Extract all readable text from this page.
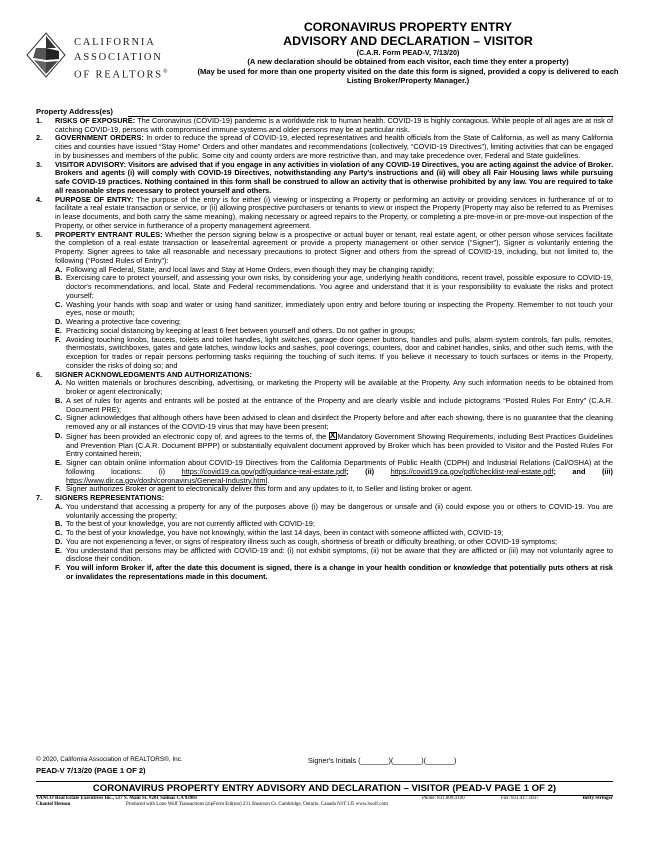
CALIFORNIA
ASSOCIATION
OF REALTORS®
CORONAVIRUS PROPERTY ENTRY
ADVISORY AND DECLARATION – VISITOR
(C.A.R. Form PEAD-V, 7/13/20)
(A new declaration should be obtained from each visitor, each time they enter a property)
(May be used for more than one property visited on the date this form is signed, provided a copy is delivered to each Listing Broker/Property Manager.)
Property Address(es)
1. RISKS OF EXPOSURE: The Coronavirus (COVID-19) pandemic is a worldwide risk to human health. COVID-19 is highly contagious. While people of all ages are at risk of catching COVID-19, persons with compromised immune systems and older persons may be at particular risk.
2. GOVERNMENT ORDERS: In order to reduce the spread of COVID-19, elected representatives and health officials from the State of California, as well as many California cities and counties have issued “Stay Home” Orders and other mandates and recommendations (collectively, “COVID-19 Directives”), limiting activities that can be engaged in by businesses and members of the public. Some city and county orders are more restrictive than, and may take precedence over, Federal and State guidelines.
3. VISITOR ADVISORY: Visitors are advised that if you engage in any activities in violation of any COVID-19 Directives, you are acting against the advice of Broker. Brokers and agents (i) will comply with COVID-19 Directives, notwithstanding any Party's instructions and (ii) will obey all Fair Housing laws while pursuing safe COVID-19 practices. Nothing contained in this form shall be construed to allow an activity that is otherwise prohibited by any law. You are required to take all reasonable steps necessary to protect yourself and others.
4. PURPOSE OF ENTRY: The purpose of the entry is for either (i) viewing or inspecting a Property or performing an activity or providing services in furtherance of or to facilitate a real estate transaction or service, or (ii) allowing prospective purchasers or tenants to view or inspect the Property (Property may also be referred to as Premises in lease documents, and both carry the same meaning), making necessary or agreed repairs to the Property, or completing a pre-move-in or pre-move-out inspection of the Property, or other service in furtherance of a property management agreement.
5. PROPERTY ENTRANT RULES: Whether the person signing below is a prospective or actual buyer or tenant, real estate agent, or other person whose services facilitate the completion of a real estate transaction or lease/rental agreement or provide a property management or other service (“Signer”), Signer is voluntarily entering the Property. Signer agrees to take all reasonable and necessary precautions to protect Signer and others from the spread of COVID-19, including, but not limited to, the following (“Posted Rules of Entry”):
A. Following all Federal, State, and local laws and Stay at Home Orders, even though they may be changing rapidly;
B. Exercising care to protect yourself, and assessing your own risks, by considering your age, underlying health conditions, recent travel, possible exposure to COVID-19, doctor's recommendations, and local, State and Federal recommendations. You agree and understand that it is your responsibility to evaluate the risks and protect yourself;
C. Washing your hands with soap and water or using hand sanitizer, immediately upon entry and before touring or inspecting the Property. Remember to not touch your eyes, nose or mouth;
D. Wearing a protective face covering;
E. Practicing social distancing by keeping at least 6 feet between yourself and others. Do not gather in groups;
F. Avoiding touching knobs, faucets, toilets and toilet handles, light switches, garage door opener buttons, handles and pulls, alarm system controls, fan pulls, remotes, thermostats, switchboxes, gates and gate latches, window locks and sashes, pool coverings, counters, door and cabinet handles, sinks, and other such items, with the exception for trades or repair persons performing tasks requiring the touching of such items. If you believe it necessary to touch surfaces or items in the Property, consider the risks of doing so; and
6. SIGNER ACKNOWLEDGMENTS AND AUTHORIZATIONS:
A. No written materials or brochures describing, advertising, or marketing the Property will be available at the Property. Any such information needs to be obtained from broker or agent electronically;
B. A set of rules for agents and entrants will be posted at the entrance of the Property and are clearly visible and include pictograms “Posted Rules For Entry” (C.A.R. Document PRE);
C. Signer acknowledges that although others have been advised to clean and disinfect the Property before and after each showing, there is no guarantee that the cleaning removed any or all instances of the COVID-19 virus that may have been present;
D. Signer has been provided an electronic copy of, and agrees to the terms of, the X Mandatory Government Showing Requirements, including Best Practices Guidelines and Prevention Plan (C.A.R. Document BPPP) or substantially equivalent document approved by Broker which has been provided to Visitor and the Posted Rules For Entry contained herein;
E. Signer can obtain online information about COVID-19 Directives from the California Departments of Public Health (CDPH) and Industrial Relations (Cal/OSHA) at the following locations: (i) https://covid19.ca.gov/pdf/guidance-real-estate.pdf; (ii) https://covid19.ca.gov/pdf/checklist-real-estate.pdf; and (iii) https://www.dir.ca.gov/dosh/coronavirus/General-Industry.html.
F. Signer authorizes Broker or agent to electronically deliver this form and any updates to it, to Seller and listing broker or agent.
7. SIGNERS REPRESENTATIONS:
A. You understand that accessing a property for any of the purposes above (i) may be dangerous or unsafe and (ii) could expose you or others to COVID-19. You are voluntarily accessing the property;
B. To the best of your knowledge, you are not currently afflicted with COVID-19;
C. To the best of your knowledge, you have not knowingly, within the last 14 days, been in contact with someone afflicted with, COVID-19;
D. You are not experiencing a fever, or signs of respiratory illness such as cough, shortness of breath or difficulty breathing, or other COVID-19 symptoms;
E. You understand that persons may be afflicted with COVID-19 and: (i) not exhibit symptoms, (ii) not be aware that they are afflicted or (iii) may not voluntarily agree to disclose their condition.
F. You will inform Broker if, after the date this document is signed, there is a change in your health condition or knowledge that potentially puts others at risk or invalidates the representations made in this document.
© 2020, California Association of REALTORS®, Inc.	Signer's Initials (_______)(_______)(_______)
PEAD-V 7/13/20 (PAGE 1 OF 2)
CORONAVIRUS PROPERTY ENTRY ADVISORY AND DECLARATION – VISITOR (PEAD-V PAGE 1 OF 2)
VANCO Real Estate Executives Inc., 517 S. Main St. #201 Salinas CA 93901	Phone: 831.809.4100	Fax: 831.417.1837	Betty Stringer
Chantel Henson	Produced with Lone Wolf Transactions (zipForm Edition) 231 Shearson Cr. Cambridge, Ontario, Canada N1T 1J5 www.lwolf.com
